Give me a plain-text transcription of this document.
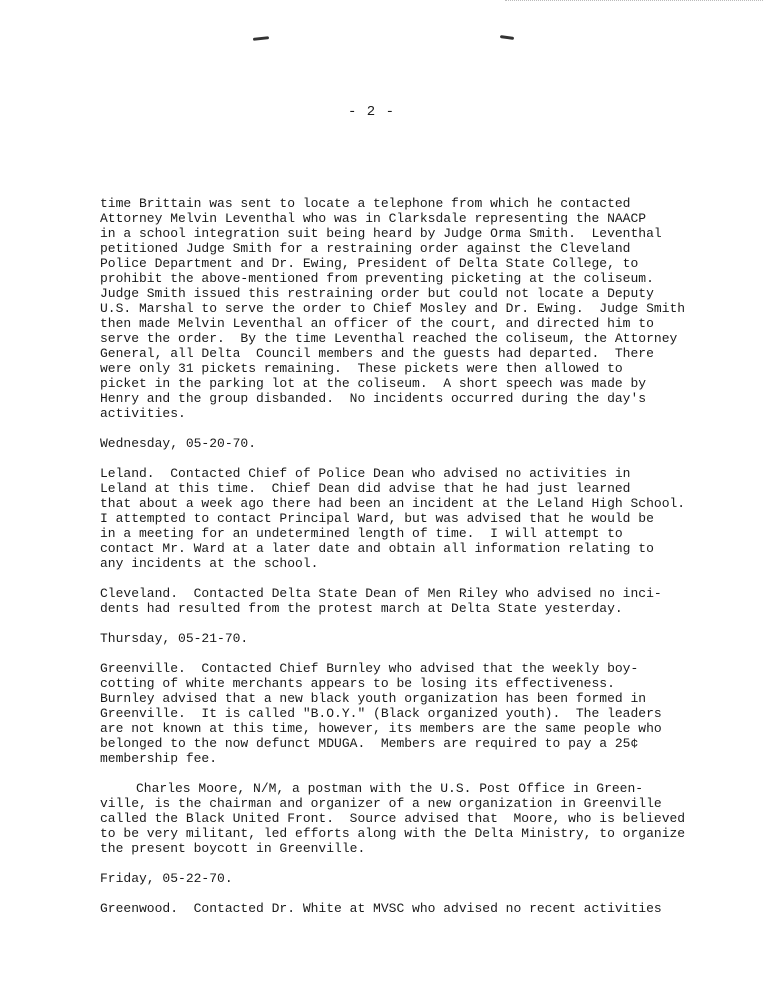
- 2 -
time Brittain was sent to locate a telephone from which he contacted
Attorney Melvin Leventhal who was in Clarksdale representing the NAACP
in a school integration suit being heard by Judge Orma Smith.  Leventhal
petitioned Judge Smith for a restraining order against the Cleveland
Police Department and Dr. Ewing, President of Delta State College, to
prohibit the above-mentioned from preventing picketing at the coliseum.
Judge Smith issued this restraining order but could not locate a Deputy
U.S. Marshal to serve the order to Chief Mosley and Dr. Ewing.  Judge Smith
then made Melvin Leventhal an officer of the court, and directed him to
serve the order.  By the time Leventhal reached the coliseum, the Attorney
General, all Delta  Council members and the guests had departed.  There
were only 31 pickets remaining.  These pickets were then allowed to
picket in the parking lot at the coliseum.  A short speech was made by
Henry and the group disbanded.  No incidents occurred during the day's
activities.
Wednesday, 05-20-70.
Leland.  Contacted Chief of Police Dean who advised no activities in
Leland at this time.  Chief Dean did advise that he had just learned
that about a week ago there had been an incident at the Leland High School.
I attempted to contact Principal Ward, but was advised that he would be
in a meeting for an undetermined length of time.  I will attempt to
contact Mr. Ward at a later date and obtain all information relating to
any incidents at the school.
Cleveland.  Contacted Delta State Dean of Men Riley who advised no inci-
dents had resulted from the protest march at Delta State yesterday.
Thursday, 05-21-70.
Greenville.  Contacted Chief Burnley who advised that the weekly boy-
cotting of white merchants appears to be losing its effectiveness.
Burnley advised that a new black youth organization has been formed in
Greenville.  It is called "B.O.Y." (Black organized youth).  The leaders
are not known at this time, however, its members are the same people who
belonged to the now defunct MDUGA.  Members are required to pay a 25¢
membership fee.
Charles Moore, N/M, a postman with the U.S. Post Office in Green-
ville, is the chairman and organizer of a new organization in Greenville
called the Black United Front.  Source advised that  Moore, who is believed
to be very militant, led efforts along with the Delta Ministry, to organize
the present boycott in Greenville.
Friday, 05-22-70.
Greenwood.  Contacted Dr. White at MVSC who advised no recent activities
